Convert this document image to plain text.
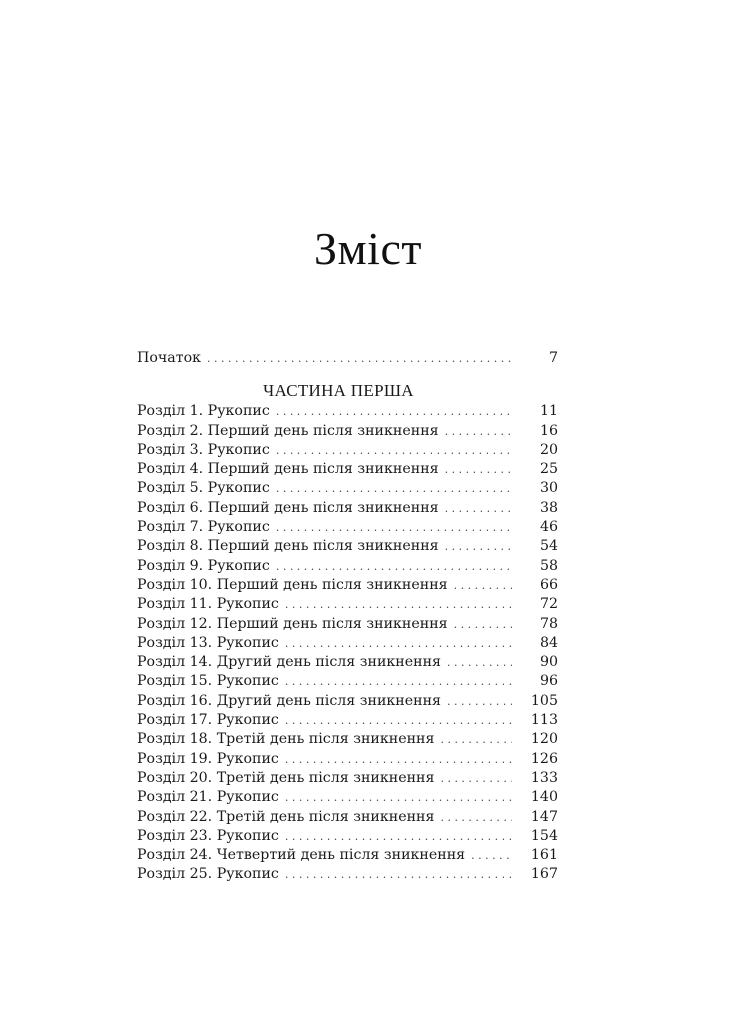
Зміст
Початок . . .	7
ЧАСТИНА ПЕРША
Розділ 1. Рукопис . . .	11
Розділ 2. Перший день після зникнення . . .	16
Розділ 3. Рукопис . . .	20
Розділ 4. Перший день після зникнення . . .	25
Розділ 5. Рукопис . . .	30
Розділ 6. Перший день після зникнення . . .	38
Розділ 7. Рукопис . . .	46
Розділ 8. Перший день після зникнення . . .	54
Розділ 9. Рукопис . . .	58
Розділ 10. Перший день після зникнення . . .	66
Розділ 11. Рукопис . . .	72
Розділ 12. Перший день після зникнення . . .	78
Розділ 13. Рукопис . . .	84
Розділ 14. Другий день після зникнення . . .	90
Розділ 15. Рукопис . . .	96
Розділ 16. Другий день після зникнення . . .	105
Розділ 17. Рукопис . . .	113
Розділ 18. Третій день після зникнення . . .	120
Розділ 19. Рукопис . . .	126
Розділ 20. Третій день після зникнення . . .	133
Розділ 21. Рукопис . . .	140
Розділ 22. Третій день після зникнення . . .	147
Розділ 23. Рукопис . . .	154
Розділ 24. Четвертий день після зникнення . . .	161
Розділ 25. Рукопис . . .	167
